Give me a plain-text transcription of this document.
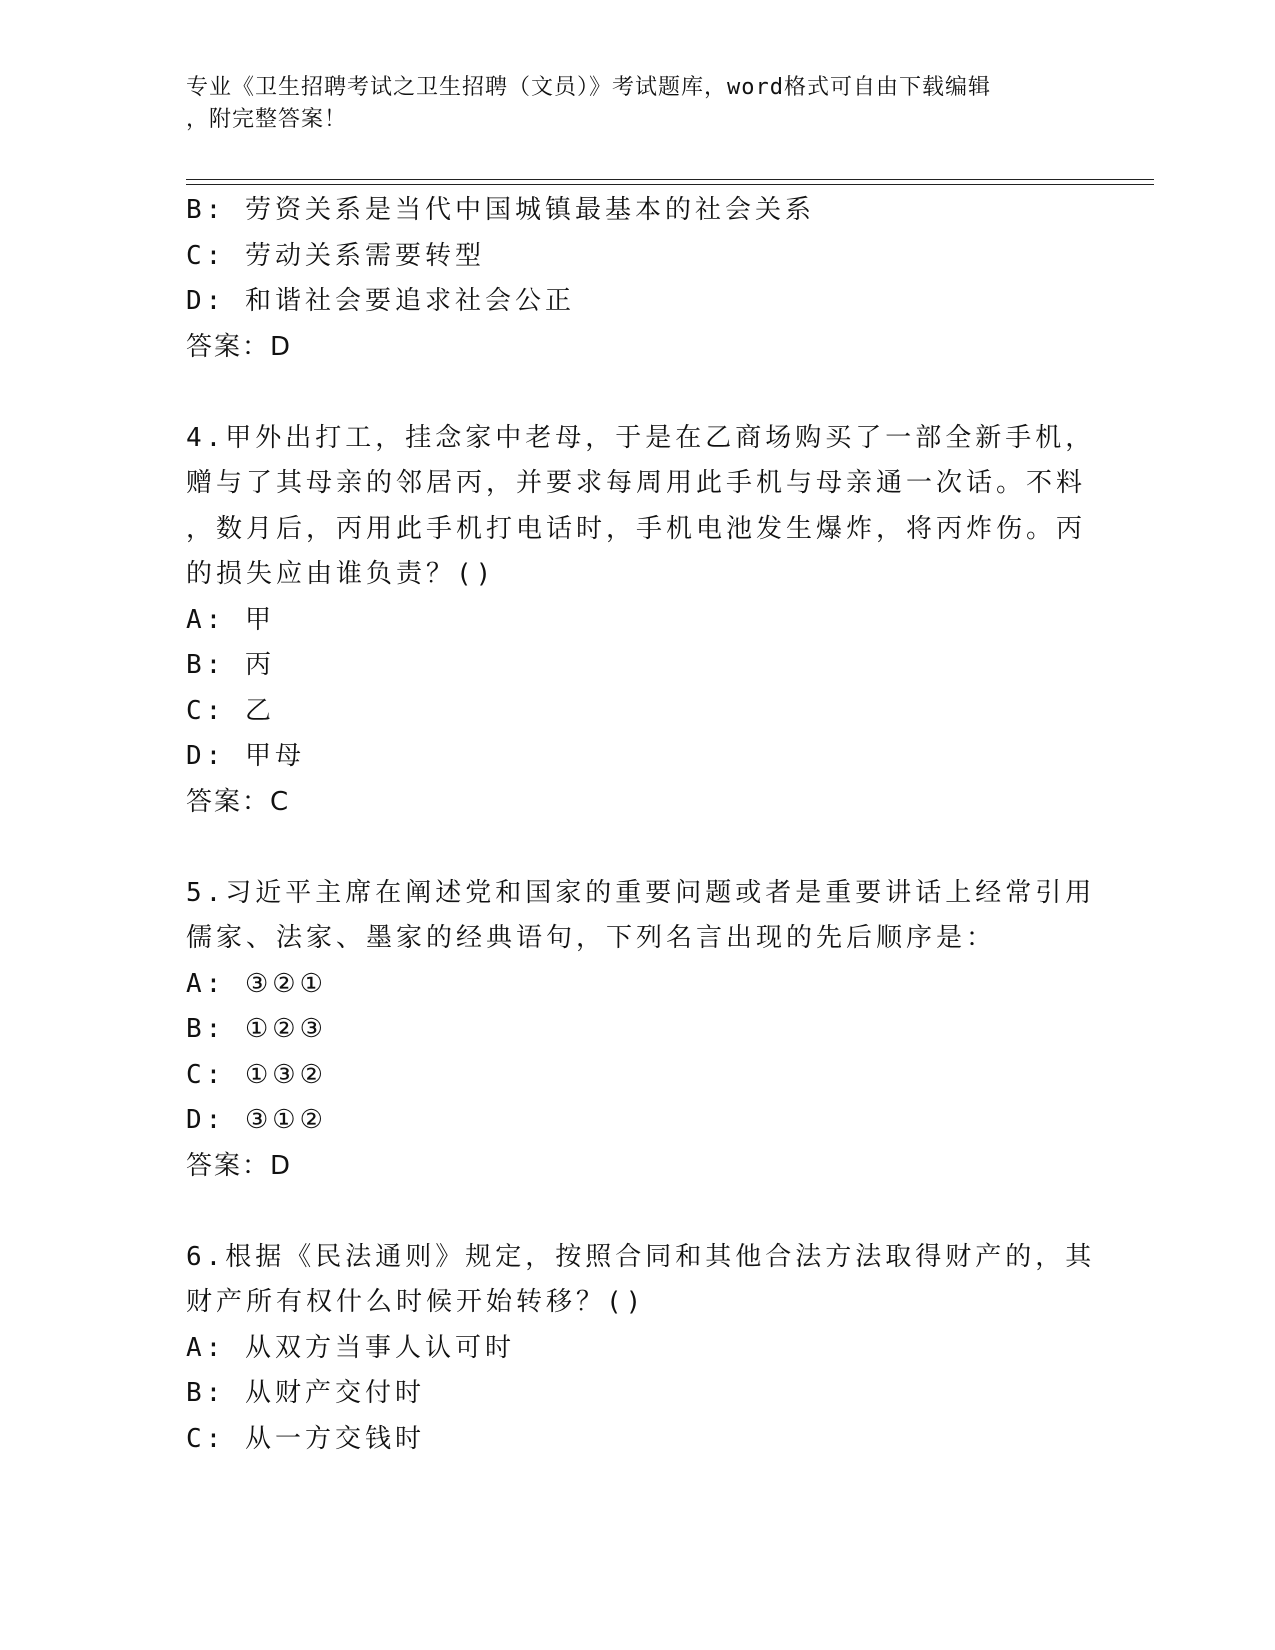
专业《卫生招聘考试之卫生招聘（文员）》考试题库，word格式可自由下载编辑
，附完整答案！
B: 劳资关系是当代中国城镇最基本的社会关系
C: 劳动关系需要转型
D: 和谐社会要追求社会公正
答案：D
4.甲外出打工，挂念家中老母，于是在乙商场购买了一部全新手机，
赠与了其母亲的邻居丙，并要求每周用此手机与母亲通一次话。不料
，数月后，丙用此手机打电话时，手机电池发生爆炸，将丙炸伤。丙
的损失应由谁负责？()
A: 甲
B: 丙
C: 乙
D: 甲母
答案：C
5.习近平主席在阐述党和国家的重要问题或者是重要讲话上经常引用
儒家、法家、墨家的经典语句，下列名言出现的先后顺序是：
A: ③②①
B: ①②③
C: ①③②
D: ③①②
答案：D
6.根据《民法通则》规定，按照合同和其他合法方法取得财产的，其
财产所有权什么时候开始转移？()
A: 从双方当事人认可时
B: 从财产交付时
C: 从一方交钱时
